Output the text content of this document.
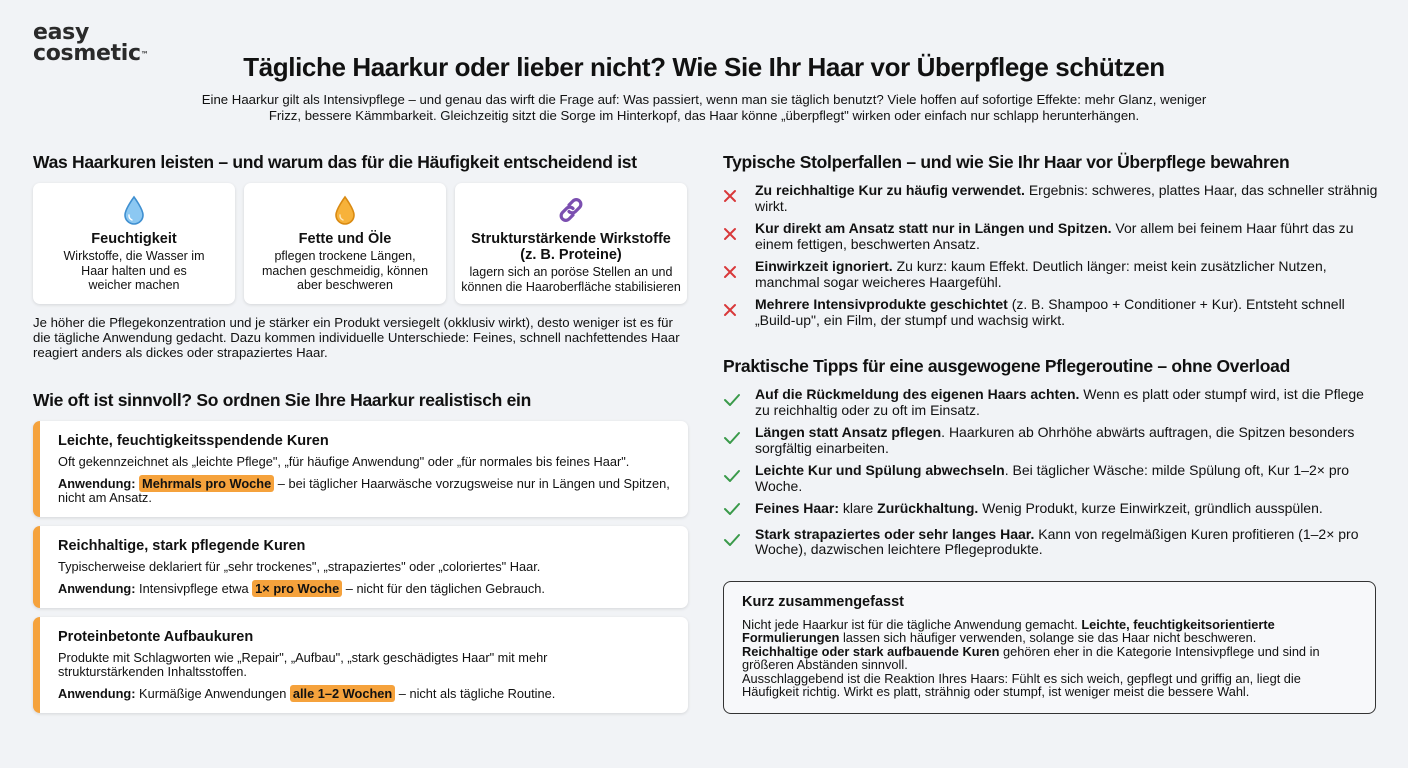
easy
cosmetic™	Tägliche Haarkur oder lieber nicht? Wie Sie Ihr Haar vor Überpflege schützen

Eine Haarkur gilt als Intensivpflege – und genau das wirft die Frage auf: Was passiert, wenn man sie täglich benutzt? Viele hoffen auf sofortige Effekte: mehr Glanz, weniger Frizz, bessere Kämmbarkeit. Gleichzeitig sitzt die Sorge im Hinterkopf, das Haar könne „überpflegt" wirken oder einfach nur schlapp herunterhängen.

Was Haarkuren leisten – und warum das für die Häufigkeit entscheidend ist
Feuchtigkeit
Wirkstoffe, die Wasser im Haar halten und es weicher machen
Fette und Öle
pflegen trockene Längen, machen geschmeidig, können aber beschweren
Strukturstärkende Wirkstoffe (z. B. Proteine)
lagern sich an poröse Stellen an und können die Haaroberfläche stabilisieren

Je höher die Pflegekonzentration und je stärker ein Produkt versiegelt (okklusiv wirkt), desto weniger ist es für die tägliche Anwendung gedacht. Dazu kommen individuelle Unterschiede: Feines, schnell nachfettendes Haar reagiert anders als dickes oder strapaziertes Haar.

Wie oft ist sinnvoll? So ordnen Sie Ihre Haarkur realistisch ein
Leichte, feuchtigkeitsspendende Kuren
Oft gekennzeichnet als „leichte Pflege", „für häufige Anwendung" oder „für normales bis feines Haar".
Anwendung: Mehrmals pro Woche – bei täglicher Haarwäsche vorzugsweise nur in Längen und Spitzen, nicht am Ansatz.
Reichhaltige, stark pflegende Kuren
Typischerweise deklariert für „sehr trockenes", „strapaziertes" oder „coloriertes" Haar.
Anwendung: Intensivpflege etwa 1× pro Woche – nicht für den täglichen Gebrauch.
Proteinbetonte Aufbaukuren
Produkte mit Schlagworten wie „Repair", „Aufbau", „stark geschädigtes Haar" mit mehr strukturstärkenden Inhaltsstoffen.
Anwendung: Kurmäßige Anwendungen alle 1–2 Wochen – nicht als tägliche Routine.
Typische Stolperfallen – und wie Sie Ihr Haar vor Überpflege bewahren
Zu reichhaltige Kur zu häufig verwendet. Ergebnis: schweres, plattes Haar, das schneller strähnig wirkt.
Kur direkt am Ansatz statt nur in Längen und Spitzen. Vor allem bei feinem Haar führt das zu einem fettigen, beschwerten Ansatz.
Einwirkzeit ignoriert. Zu kurz: kaum Effekt. Deutlich länger: meist kein zusätzlicher Nutzen, manchmal sogar weicheres Haargefühl.
Mehrere Intensivprodukte geschichtet (z. B. Shampoo + Conditioner + Kur). Entsteht schnell „Build-up", ein Film, der stumpf und wachsig wirkt.
Praktische Tipps für eine ausgewogene Pflegeroutine – ohne Overload
Auf die Rückmeldung des eigenen Haars achten. Wenn es platt oder stumpf wird, ist die Pflege zu reichhaltig oder zu oft im Einsatz.
Längen statt Ansatz pflegen. Haarkuren ab Ohrhöhe abwärts auftragen, die Spitzen besonders sorgfältig einarbeiten.
Leichte Kur und Spülung abwechseln. Bei täglicher Wäsche: milde Spülung oft, Kur 1–2× pro Woche.
Feines Haar: klare Zurückhaltung. Wenig Produkt, kurze Einwirkzeit, gründlich ausspülen.
Stark strapaziertes oder sehr langes Haar. Kann von regelmäßigen Kuren profitieren (1–2× pro Woche), dazwischen leichtere Pflegeprodukte.
Kurz zusammengefasst

Nicht jede Haarkur ist für die tägliche Anwendung gemacht. Leichte, feuchtigkeitsorientierte Formulierungen lassen sich häufiger verwenden, solange sie das Haar nicht beschweren.

Reichhaltige oder stark aufbauende Kuren gehören eher in die Kategorie Intensivpflege und sind in größeren Abständen sinnvoll.

Ausschlaggebend ist die Reaktion Ihres Haars: Fühlt es sich weich, gepflegt und griffig an, liegt die Häufigkeit richtig. Wirkt es platt, strähnig oder stumpf, ist weniger meist die bessere Wahl.
